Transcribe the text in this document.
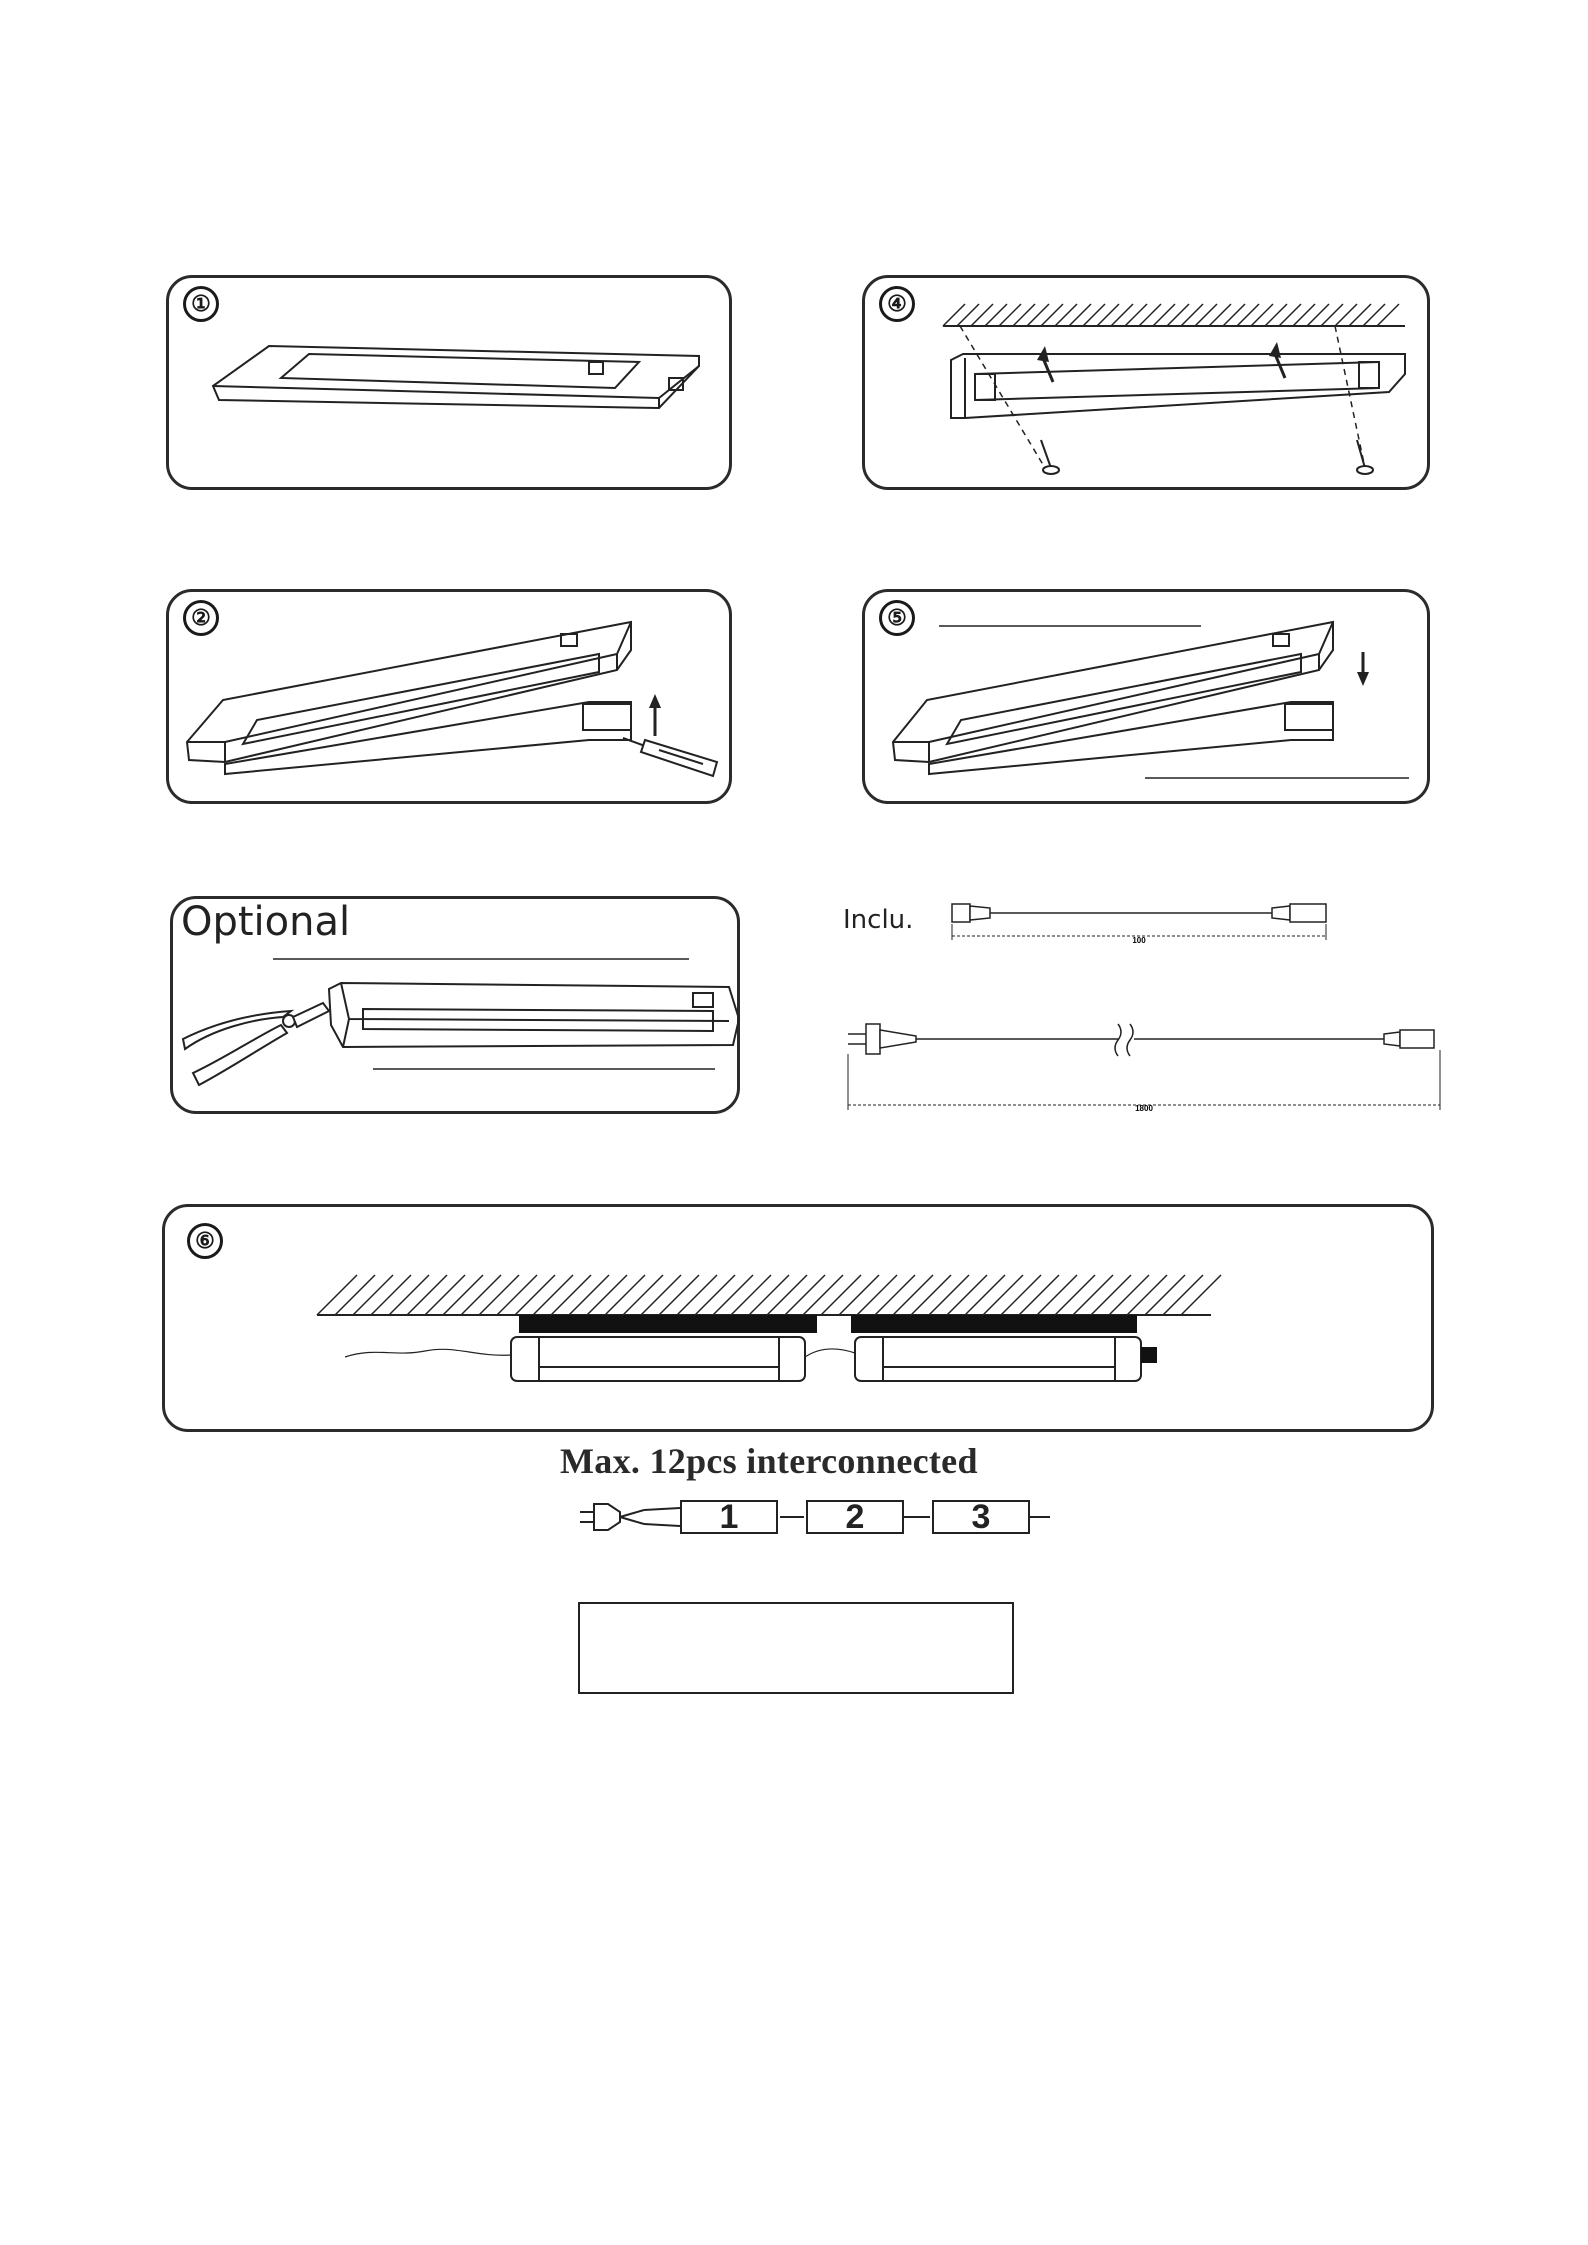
①	④
②	⑤
Optional	Inclu.
100
1800
⑥
Max. 12pcs interconnected
1	2	3
